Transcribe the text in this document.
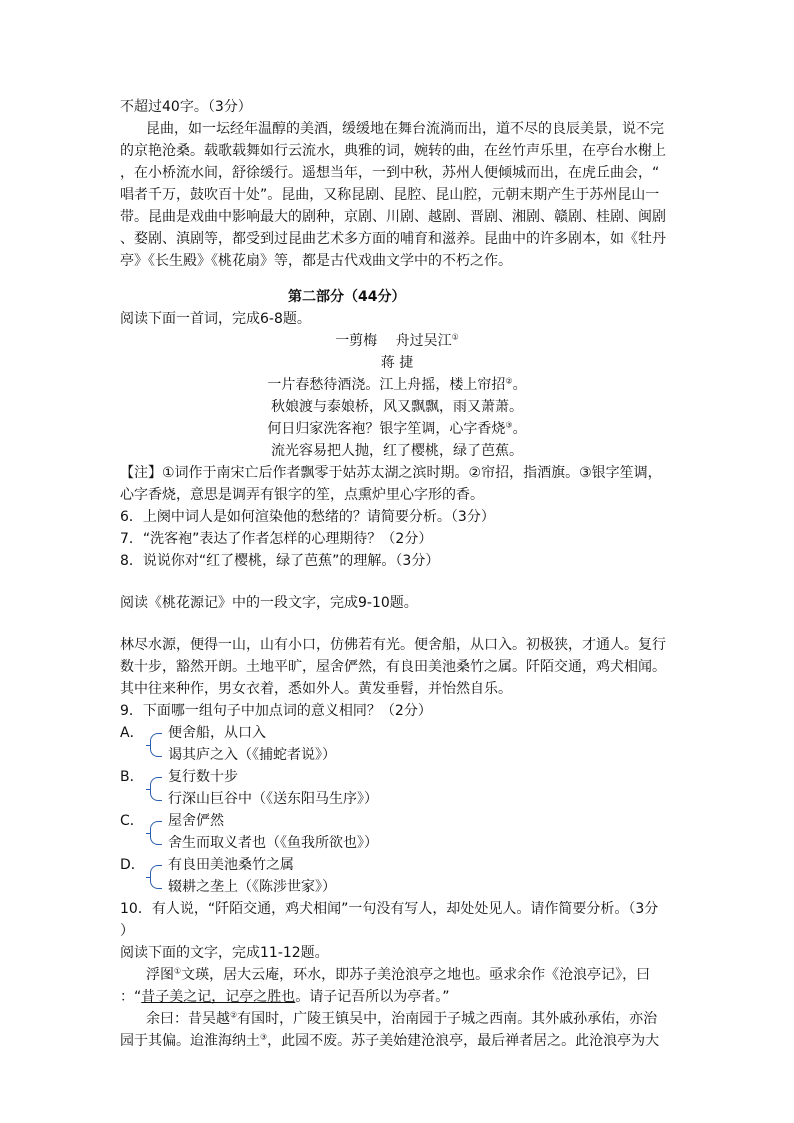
不超过40字。（3分）
昆曲，如一坛经年温醇的美酒，缓缓地在舞台流淌而出，道不尽的良辰美景，说不完
的京艳沧桑。载歌载舞如行云流水，典雅的词，婉转的曲，在丝竹声乐里，在亭台水榭上
，在小桥流水间，舒徐缓行。遥想当年，一到中秋，苏州人便倾城而出，在虎丘曲会，“
唱者千万，鼓吹百十处”。昆曲，又称昆剧、昆腔、昆山腔，元朝末期产生于苏州昆山一
带。昆曲是戏曲中影响最大的剧种，京剧、川剧、越剧、晋剧、湘剧、赣剧、桂剧、闽剧
、婺剧、滇剧等，都受到过昆曲艺术多方面的哺育和滋养。昆曲中的许多剧本，如《牡丹
亭》《长生殿》《桃花扇》等，都是古代戏曲文学中的不朽之作。
第二部分（44分）
阅读下面一首词，完成6-8题。
一剪梅　 舟过吴江①
蒋 捷
一片春愁待酒浇。江上舟摇，楼上帘招②。
秋娘渡与泰娘桥，风又飘飘，雨又萧萧。
何日归家洗客袍？银字笙调，心字香烧③。
流光容易把人抛，红了樱桃，绿了芭蕉。
【注】①词作于南宋亡后作者飘零于姑苏太湖之滨时期。②帘招，指酒旗。③银字笙调，
心字香烧，意思是调弄有银字的笙，点熏炉里心字形的香。
6．上阕中词人是如何渲染他的愁绪的？请简要分析。（3分）
7．“洗客袍”表达了作者怎样的心理期待？（2分）
8．说说你对“红了樱桃，绿了芭蕉”的理解。（3分）
阅读《桃花源记》中的一段文字，完成9-10题。
林尽水源，便得一山，山有小口，仿佛若有光。便舍船，从口入。初极狭，才通人。复行
数十步，豁然开朗。土地平旷，屋舍俨然，有良田美池桑竹之属。阡陌交通，鸡犬相闻。
其中往来种作，男女衣着，悉如外人。黄发垂髫，并怡然自乐。
9．下面哪一组句子中加点词的意义相同？（2分）
A． 便舍船，从口入
谒其庐之入（《捕蛇者说》）
B． 复行数十步
行深山巨谷中（《送东阳马生序》）
C． 屋舍俨然
舍生而取义者也（《鱼我所欲也》）
D． 有良田美池桑竹之属
辍耕之垄上（《陈涉世家》）
10．有人说，“阡陌交通，鸡犬相闻”一句没有写人，却处处见人。请作简要分析。（3分
）
阅读下面的文字，完成11-12题。
浮图①文瑛，居大云庵，环水，即苏子美沧浪亭之地也。亟求余作《沧浪亭记》，曰
：“昔子美之记，记亭之胜也。请子记吾所以为亭者。”
余曰：昔吴越②有国时，广陵王镇吴中，治南园于子城之西南。其外戚孙承佑，亦治
园于其偏。迨淮海纳土③，此园不废。苏子美始建沧浪亭，最后禅者居之。此沧浪亭为大
